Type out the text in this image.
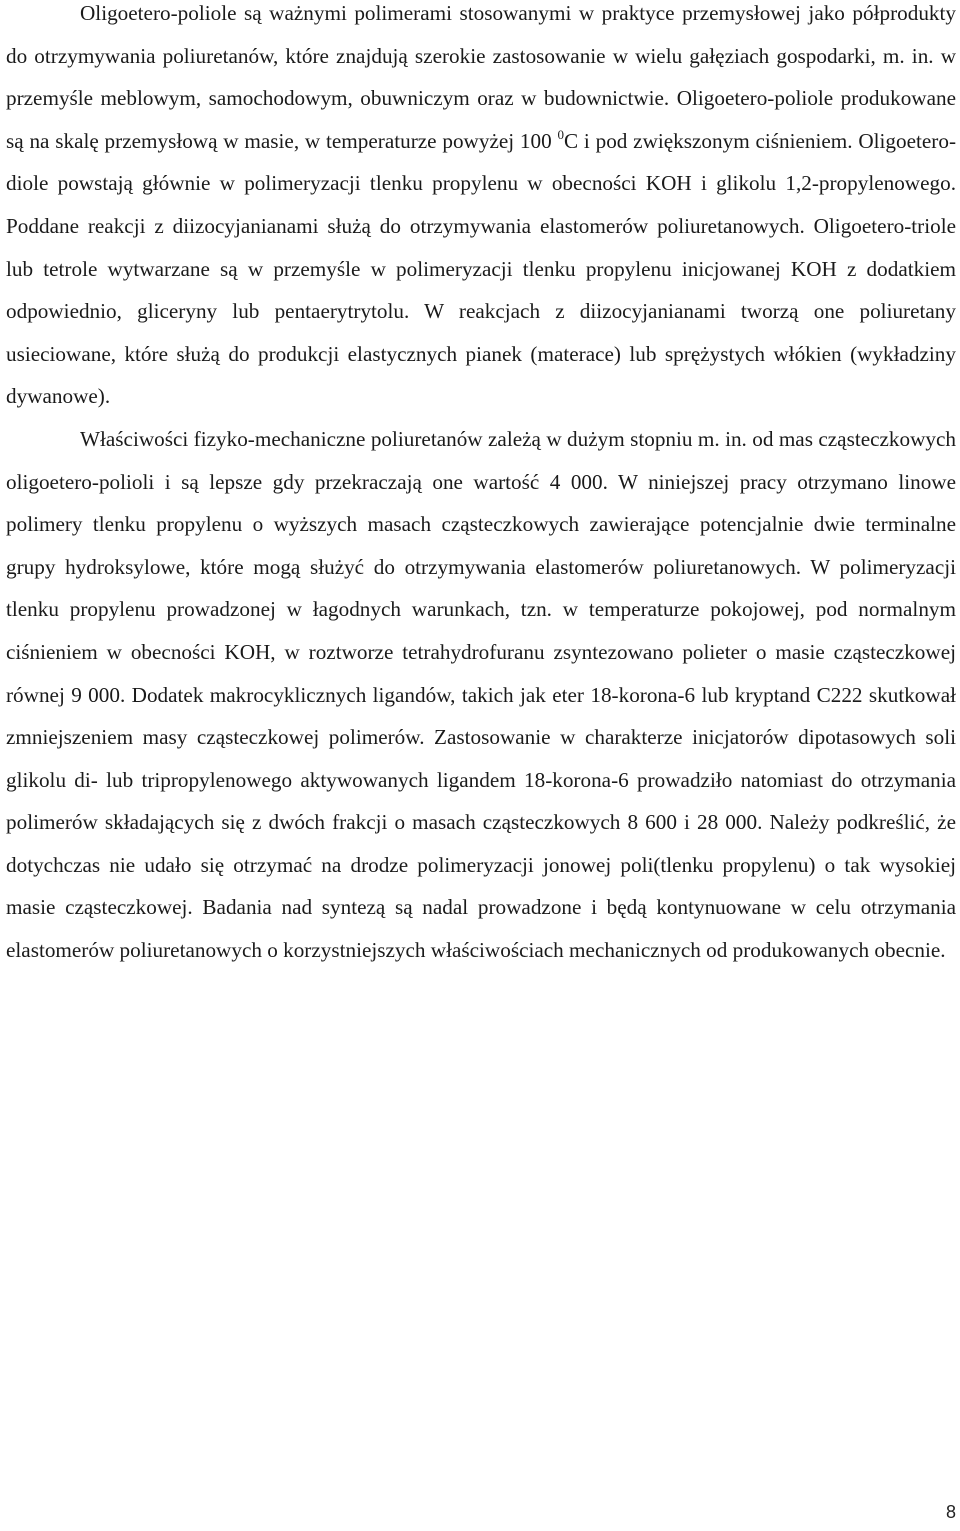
Oligoetero-poliole są ważnymi polimerami stosowanymi w praktyce przemysłowej jako półprodukty do otrzymywania poliuretanów, które znajdują szerokie zastosowanie w wielu gałęziach gospodarki, m. in. w przemyśle meblowym, samochodowym, obuwniczym oraz w budownictwie. Oligoetero-poliole produkowane są na skalę przemysłową w masie, w temperaturze powyżej 100 $^0$C i pod zwiększonym ciśnieniem. Oligoetero-diole powstają głównie w polimeryzacji tlenku propylenu w obecności KOH i glikolu 1,2-propylenowego. Poddane reakcji z diizocyjanianami służą do otrzymywania elastomerów poliuretanowych. Oligoetero-triole lub tetrole wytwarzane są w przemyśle w polimeryzacji tlenku propylenu inicjowanej KOH z dodatkiem odpowiednio, gliceryny lub pentaerytrytolu. W reakcjach z diizocyjanianami tworzą one poliuretany usieciowane, które służą do produkcji elastycznych pianek (materace) lub sprężystych włókien (wykładziny dywanowe).

Właściwości fizyko-mechaniczne poliuretanów zależą w dużym stopniu m. in. od mas cząsteczkowych oligoetero-polioli i są lepsze gdy przekraczają one wartość 4 000. W niniejszej pracy otrzymano linowe polimery tlenku propylenu o wyższych masach cząsteczkowych zawierające potencjalnie dwie terminalne grupy hydroksylowe, które mogą służyć do otrzymywania elastomerów poliuretanowych. W polimeryzacji tlenku propylenu prowadzonej w łagodnych warunkach, tzn. w temperaturze pokojowej, pod normalnym ciśnieniem w obecności KOH, w roztworze tetrahydrofuranu zsyntezowano polieter o masie cząsteczkowej równej 9 000. Dodatek makrocyklicznych ligandów, takich jak eter 18-korona-6 lub kryptand C222 skutkował zmniejszeniem masy cząsteczkowej polimerów. Zastosowanie w charakterze inicjatorów dipotasowych soli glikolu di- lub tripropylenowego aktywowanych ligandem 18-korona-6 prowadziło natomiast do otrzymania polimerów składających się z dwóch frakcji o masach cząsteczkowych 8 600 i 28 000. Należy podkreślić, że dotychczas nie udało się otrzymać na drodze polimeryzacji jonowej poli(tlenku propylenu) o tak wysokiej masie cząsteczkowej. Badania nad syntezą są nadal prowadzone i będą kontynuowane w celu otrzymania elastomerów poliuretanowych o korzystniejszych właściwościach mechanicznych od produkowanych obecnie.

8
